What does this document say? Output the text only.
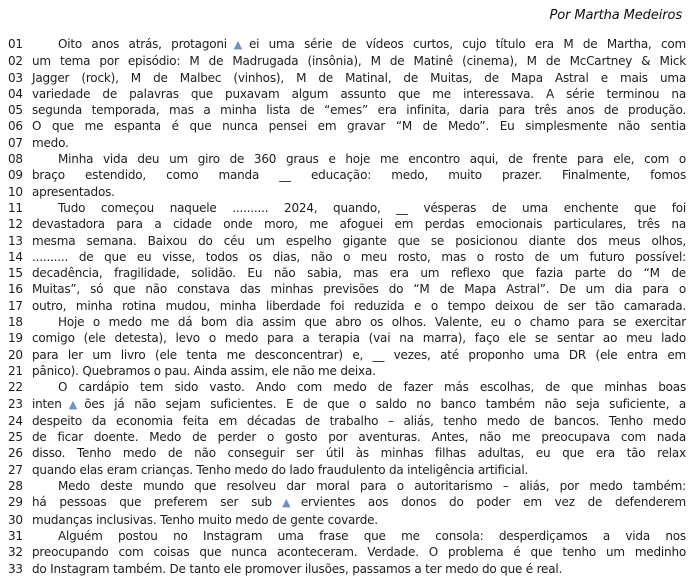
Por Martha Medeiros
01	Oito anos atrás, protagoni▲ei uma série de vídeos curtos, cujo título era M de Martha, com
02 um tema por episódio: M de Madrugada (insônia), M de Matinê (cinema), M de McCartney & Mick
03 Jagger (rock), M de Malbec (vinhos), M de Matinal, de Muitas, de Mapa Astral e mais uma
04 variedade de palavras que puxavam algum assunto que me interessava. A série terminou na
05 segunda temporada, mas a minha lista de “emes” era infinita, daria para três anos de produção.
06 O que me espanta é que nunca pensei em gravar “M de Medo”. Eu simplesmente não sentia
07 medo.
08	Minha vida deu um giro de 360 graus e hoje me encontro aqui, de frente para ele, com o
09 braço estendido, como manda __ educação: medo, muito prazer. Finalmente, fomos
10 apresentados.
11	Tudo começou naquele .......... 2024, quando, __ vésperas de uma enchente que foi
12 devastadora para a cidade onde moro, me afoguei em perdas emocionais particulares, três na
13 mesma semana. Baixou do céu um espelho gigante que se posicionou diante dos meus olhos,
14 .......... de que eu visse, todos os dias, não o meu rosto, mas o rosto de um futuro possível:
15 decadência, fragilidade, solidão. Eu não sabia, mas era um reflexo que fazia parte do “M de
16 Muitas”, só que não constava das minhas previsões do “M de Mapa Astral”. De um dia para o
17 outro, minha rotina mudou, minha liberdade foi reduzida e o tempo deixou de ser tão camarada.
18	Hoje o medo me dá bom dia assim que abro os olhos. Valente, eu o chamo para se exercitar
19 comigo (ele detesta), levo o medo para a terapia (vai na marra), faço ele se sentar ao meu lado
20 para ler um livro (ele tenta me desconcentrar) e, __ vezes, até proponho uma DR (ele entra em
21 pânico). Quebramos o pau. Ainda assim, ele não me deixa.
22	O cardápio tem sido vasto. Ando com medo de fazer más escolhas, de que minhas boas
23 inten▲ões já não sejam suficientes. E de que o saldo no banco também não seja suficiente, a
24 despeito da economia feita em décadas de trabalho – aliás, tenho medo de bancos. Tenho medo
25 de ficar doente. Medo de perder o gosto por aventuras. Antes, não me preocupava com nada
26 disso. Tenho medo de não conseguir ser útil às minhas filhas adultas, eu que era tão relax
27 quando elas eram crianças. Tenho medo do lado fraudulento da inteligência artificial.
28	Medo deste mundo que resolveu dar moral para o autoritarismo – aliás, por medo também:
29 há pessoas que preferem ser sub▲ervientes aos donos do poder em vez de defenderem
30 mudanças inclusivas. Tenho muito medo de gente covarde.
31	Alguém postou no Instagram uma frase que me consola: desperdiçamos a vida nos
32 preocupando com coisas que nunca aconteceram. Verdade. O problema é que tenho um medinho
33 do Instagram também. De tanto ele promover ilusões, passamos a ter medo do que é real.
